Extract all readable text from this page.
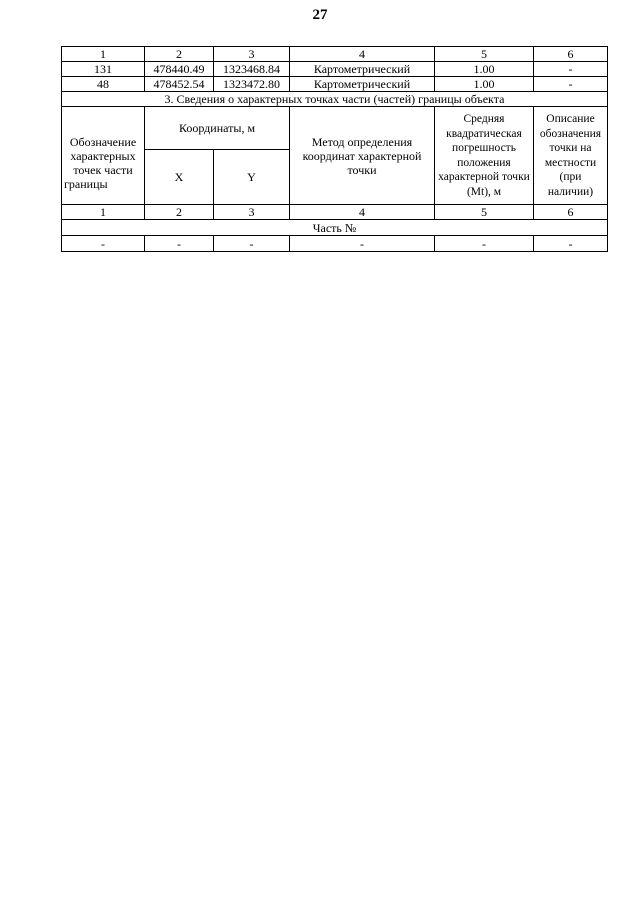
27
1	2	3	4	5	6
131	478440.49	1323468.84	Картометрический	1.00	-
48	478452.54	1323472.80	Картометрический	1.00	-
3. Сведения о характерных точках части (частей) границы объекта					
Обозначение характерных точек части границы	Координаты, м		Метод определения координат характерной точки	Средняя квадратическая погрешность положения характерной точки (Mt), м	Описание обозначения точки на местности (при наличии)
	X	Y			
1	2	3	4	5	6
Часть №					
-	-	-	-	-	-
